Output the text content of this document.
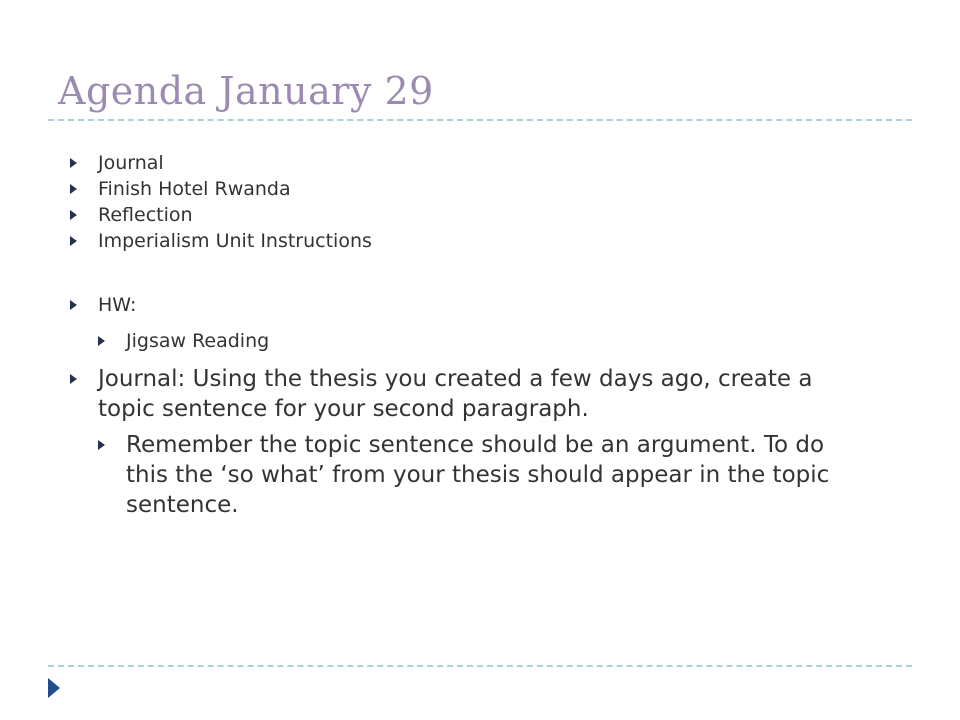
Agenda January 29
Journal
Finish Hotel Rwanda
Reflection
Imperialism Unit Instructions
HW:
Jigsaw Reading
Journal: Using the thesis you created a few days ago, create a
topic sentence for your second paragraph.
Remember the topic sentence should be an argument. To do
this the ‘so what’ from your thesis should appear in the topic
sentence.
